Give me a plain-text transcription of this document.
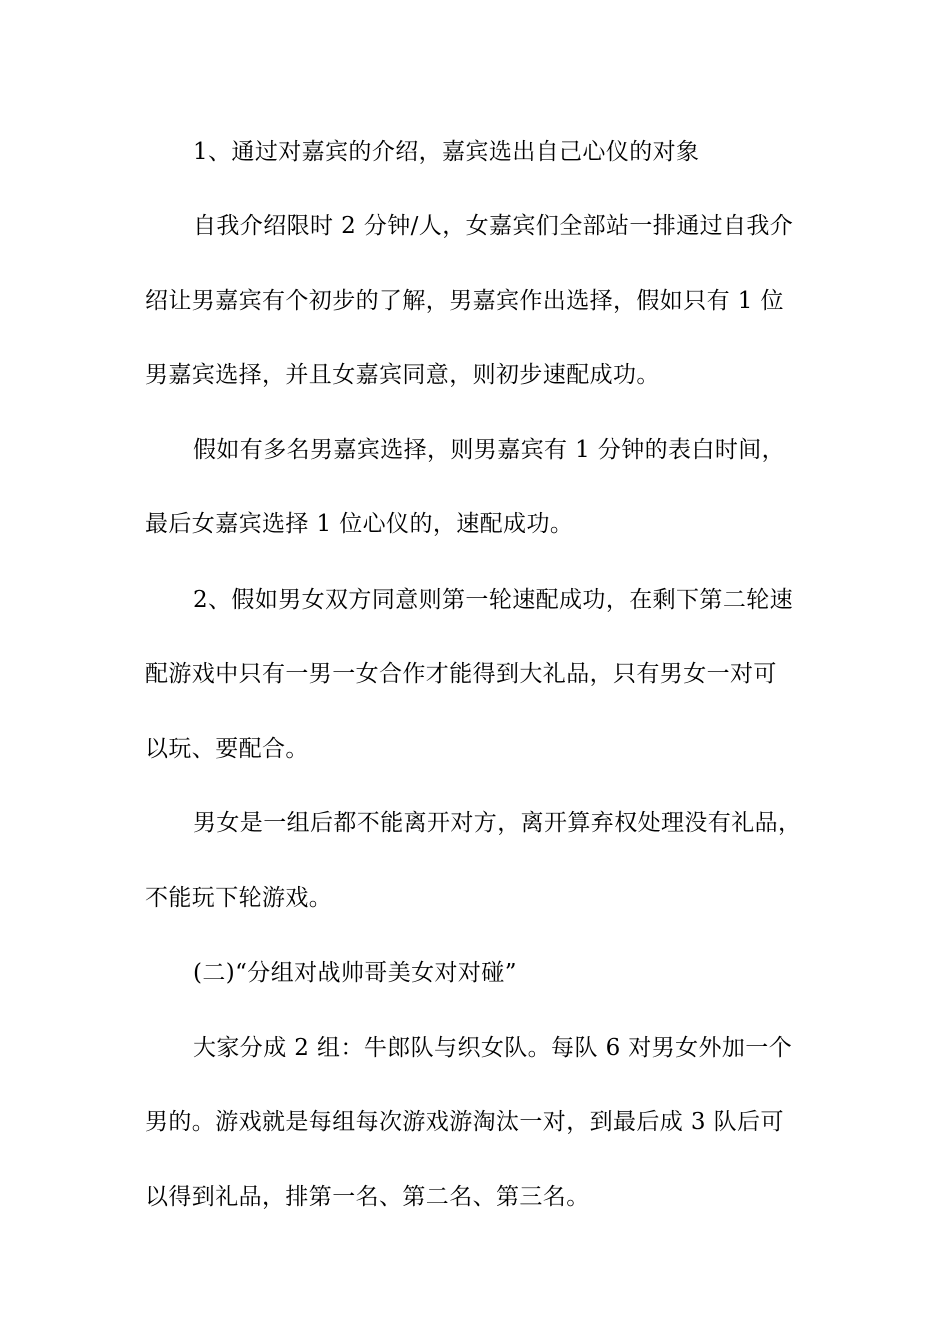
1、通过对嘉宾的介绍，嘉宾选出自己心仪的对象
自我介绍限时 2 分钟/人，女嘉宾们全部站一排通过自我介
绍让男嘉宾有个初步的了解，男嘉宾作出选择，假如只有 1 位
男嘉宾选择，并且女嘉宾同意，则初步速配成功。
假如有多名男嘉宾选择，则男嘉宾有 1 分钟的表白时间，
最后女嘉宾选择 1 位心仪的，速配成功。
2、假如男女双方同意则第一轮速配成功，在剩下第二轮速
配游戏中只有一男一女合作才能得到大礼品，只有男女一对可
以玩、要配合。
男女是一组后都不能离开对方，离开算弃权处理没有礼品，
不能玩下轮游戏。
(二)“分组对战帅哥美女对对碰”
大家分成 2 组：牛郎队与织女队。每队 6 对男女外加一个
男的。游戏就是每组每次游戏游淘汰一对，到最后成 3 队后可
以得到礼品，排第一名、第二名、第三名。
